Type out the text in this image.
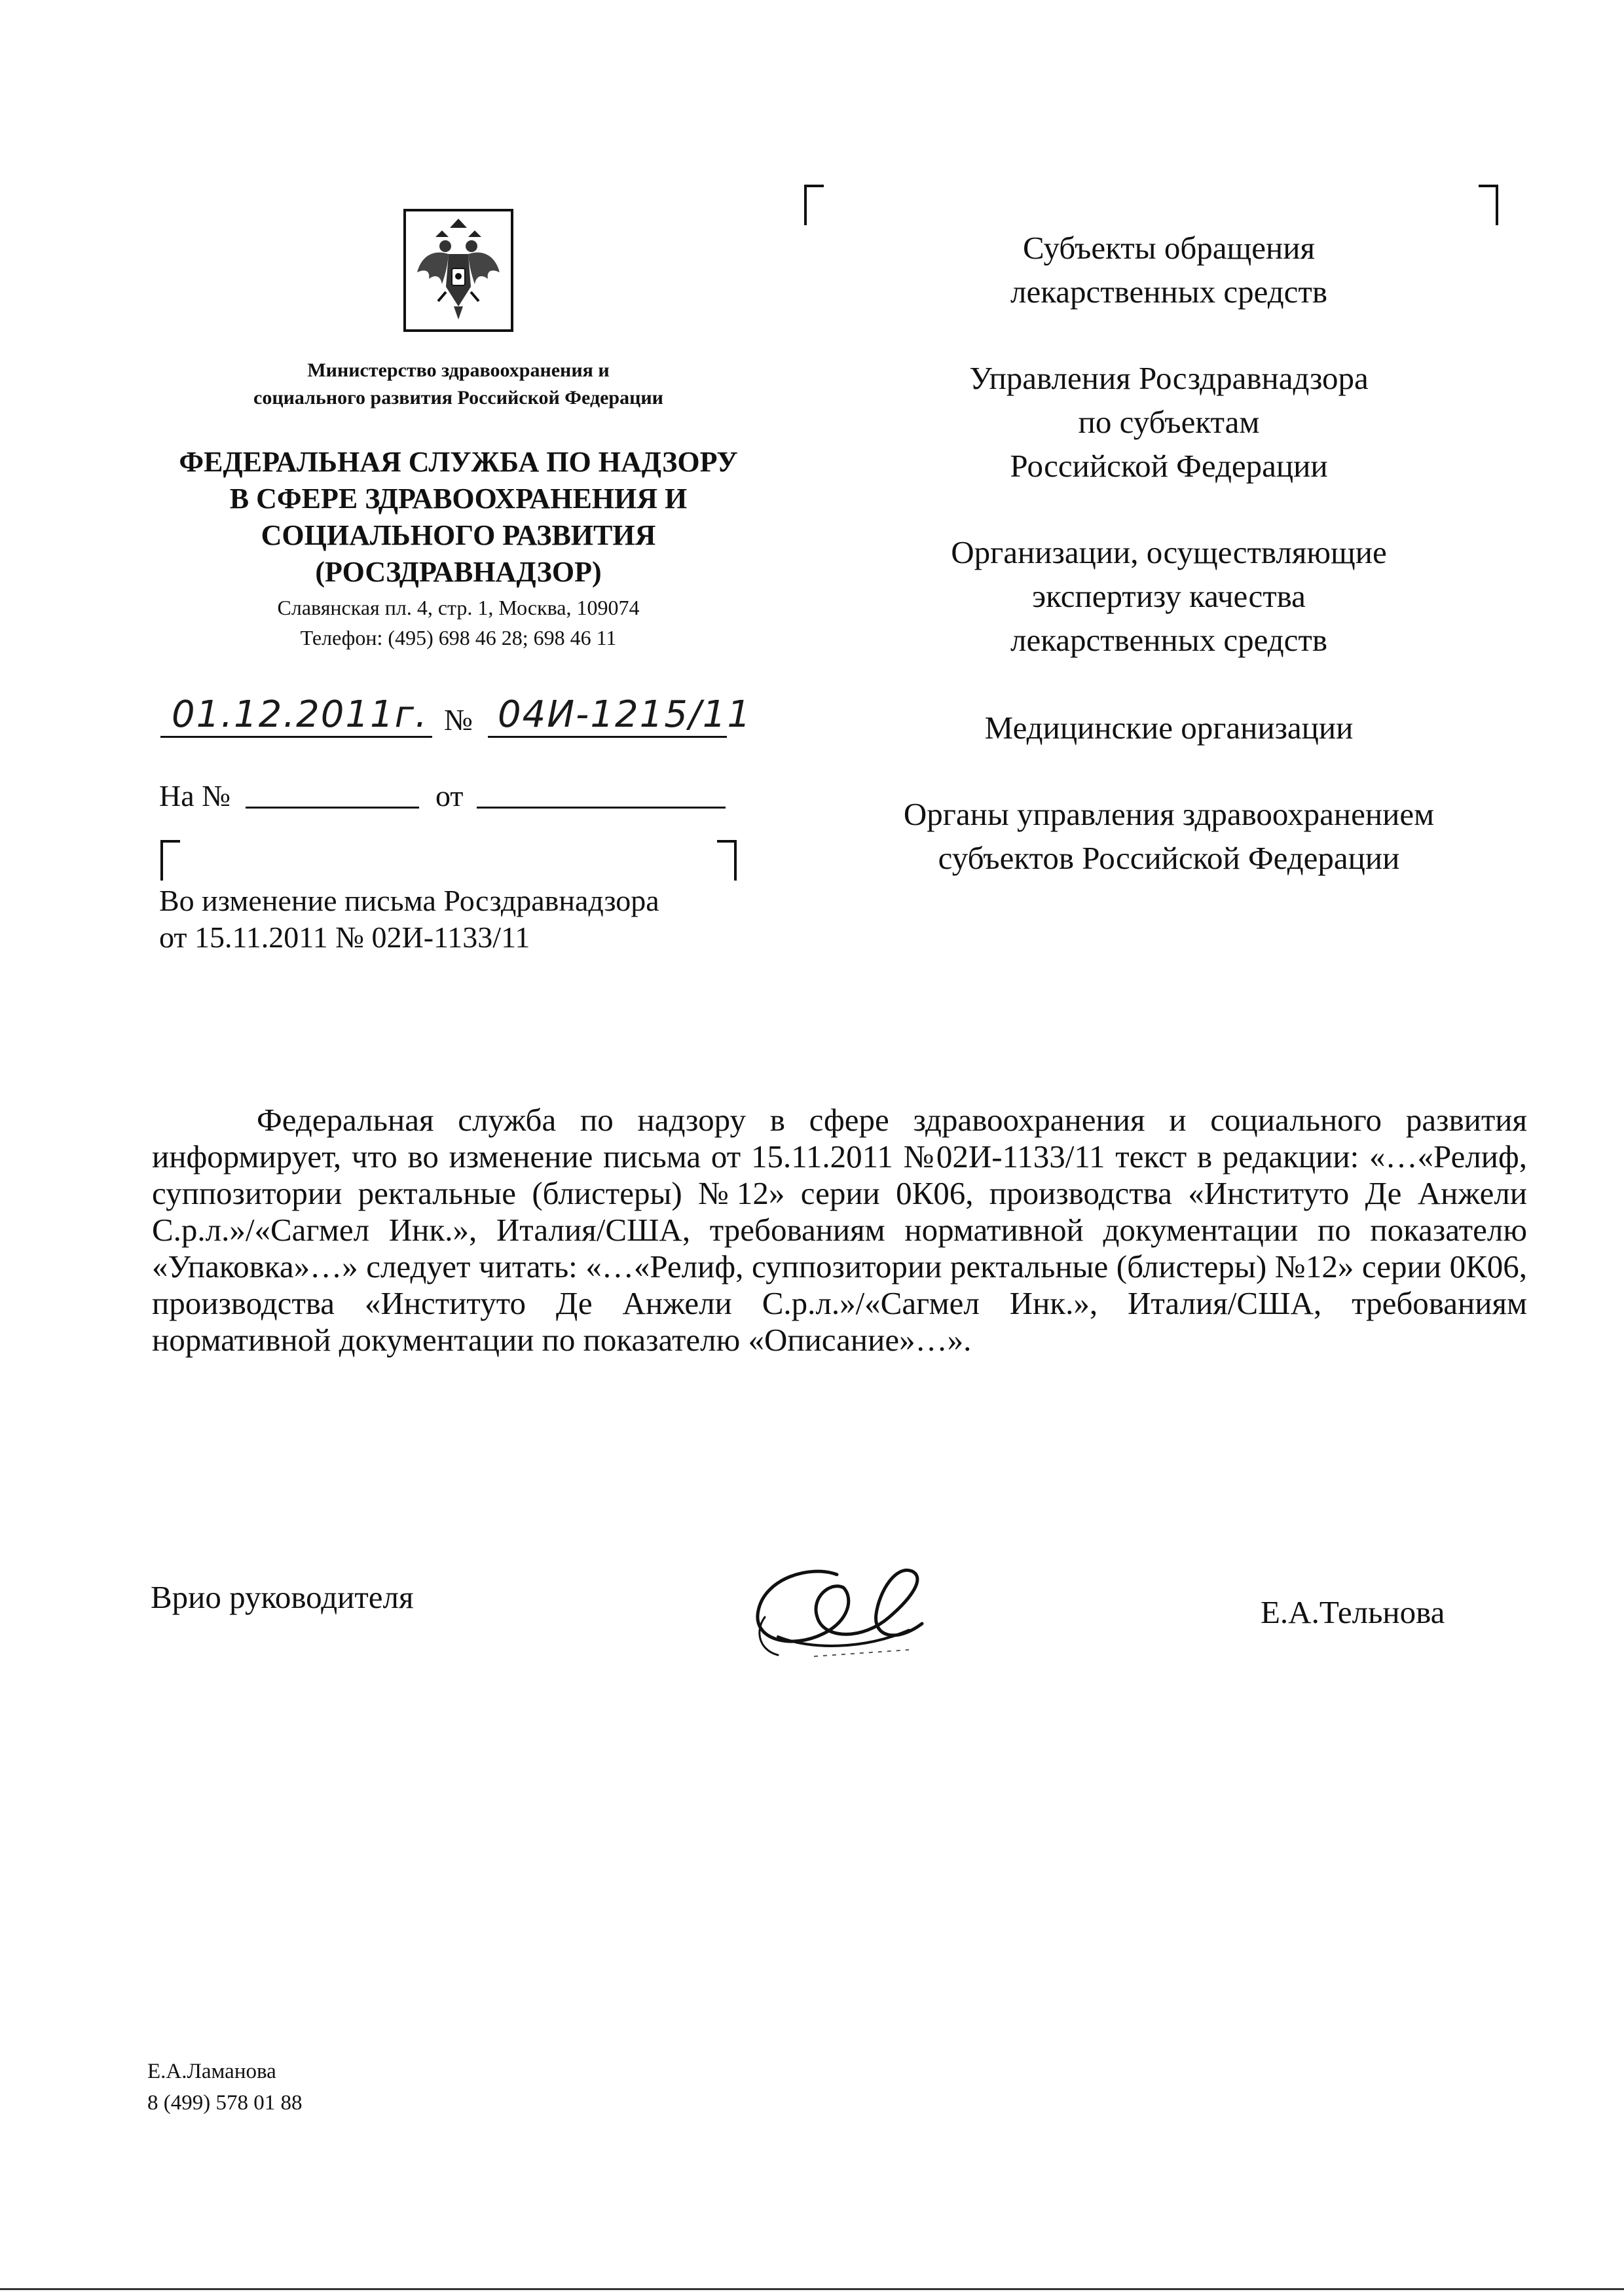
Министерство здравоохранения и
социального развития Российской Федерации
ФЕДЕРАЛЬНАЯ СЛУЖБА ПО НАДЗОРУ
В СФЕРЕ ЗДРАВООХРАНЕНИЯ И
СОЦИАЛЬНОГО РАЗВИТИЯ
(РОСЗДРАВНАДЗОР)
Славянская пл. 4, стр. 1, Москва, 109074
Телефон: (495) 698 46 28; 698 46 11
01.12.2011г. № 04И-1215/11
На №	от
Во изменение письма Росздравнадзора
от 15.11.2011 № 02И-1133/11

Субъекты обращения

лекарственных средств

Управления Росздравнадзора

по субъектам

Российской Федерации

Организации, осуществляющие

экспертизу качества

лекарственных средств

Медицинские организации

Органы управления здравоохранением

субъектов Российской Федерации

Федеральная служба по надзору в сфере здравоохранения и социального развития информирует, что во изменение письма от 15.11.2011 №02И-1133/11 текст в редакции: «…«Релиф, суппозитории ректальные (блистеры) №12» серии 0К06, производства «Институто Де Анжели С.р.л.»/«Сагмел Инк.», Италия/США, требованиям нормативной документации по показателю «Упаковка»…» следует читать: «…«Релиф, суппозитории ректальные (блистеры) №12» серии 0К06, производства «Институто Де Анжели С.р.л.»/«Сагмел Инк.», Италия/США, требованиям нормативной документации по показателю «Описание»…».
Врио руководителя	Е.А.Тельнова
Е.А.Ламанова
8 (499) 578 01 88
